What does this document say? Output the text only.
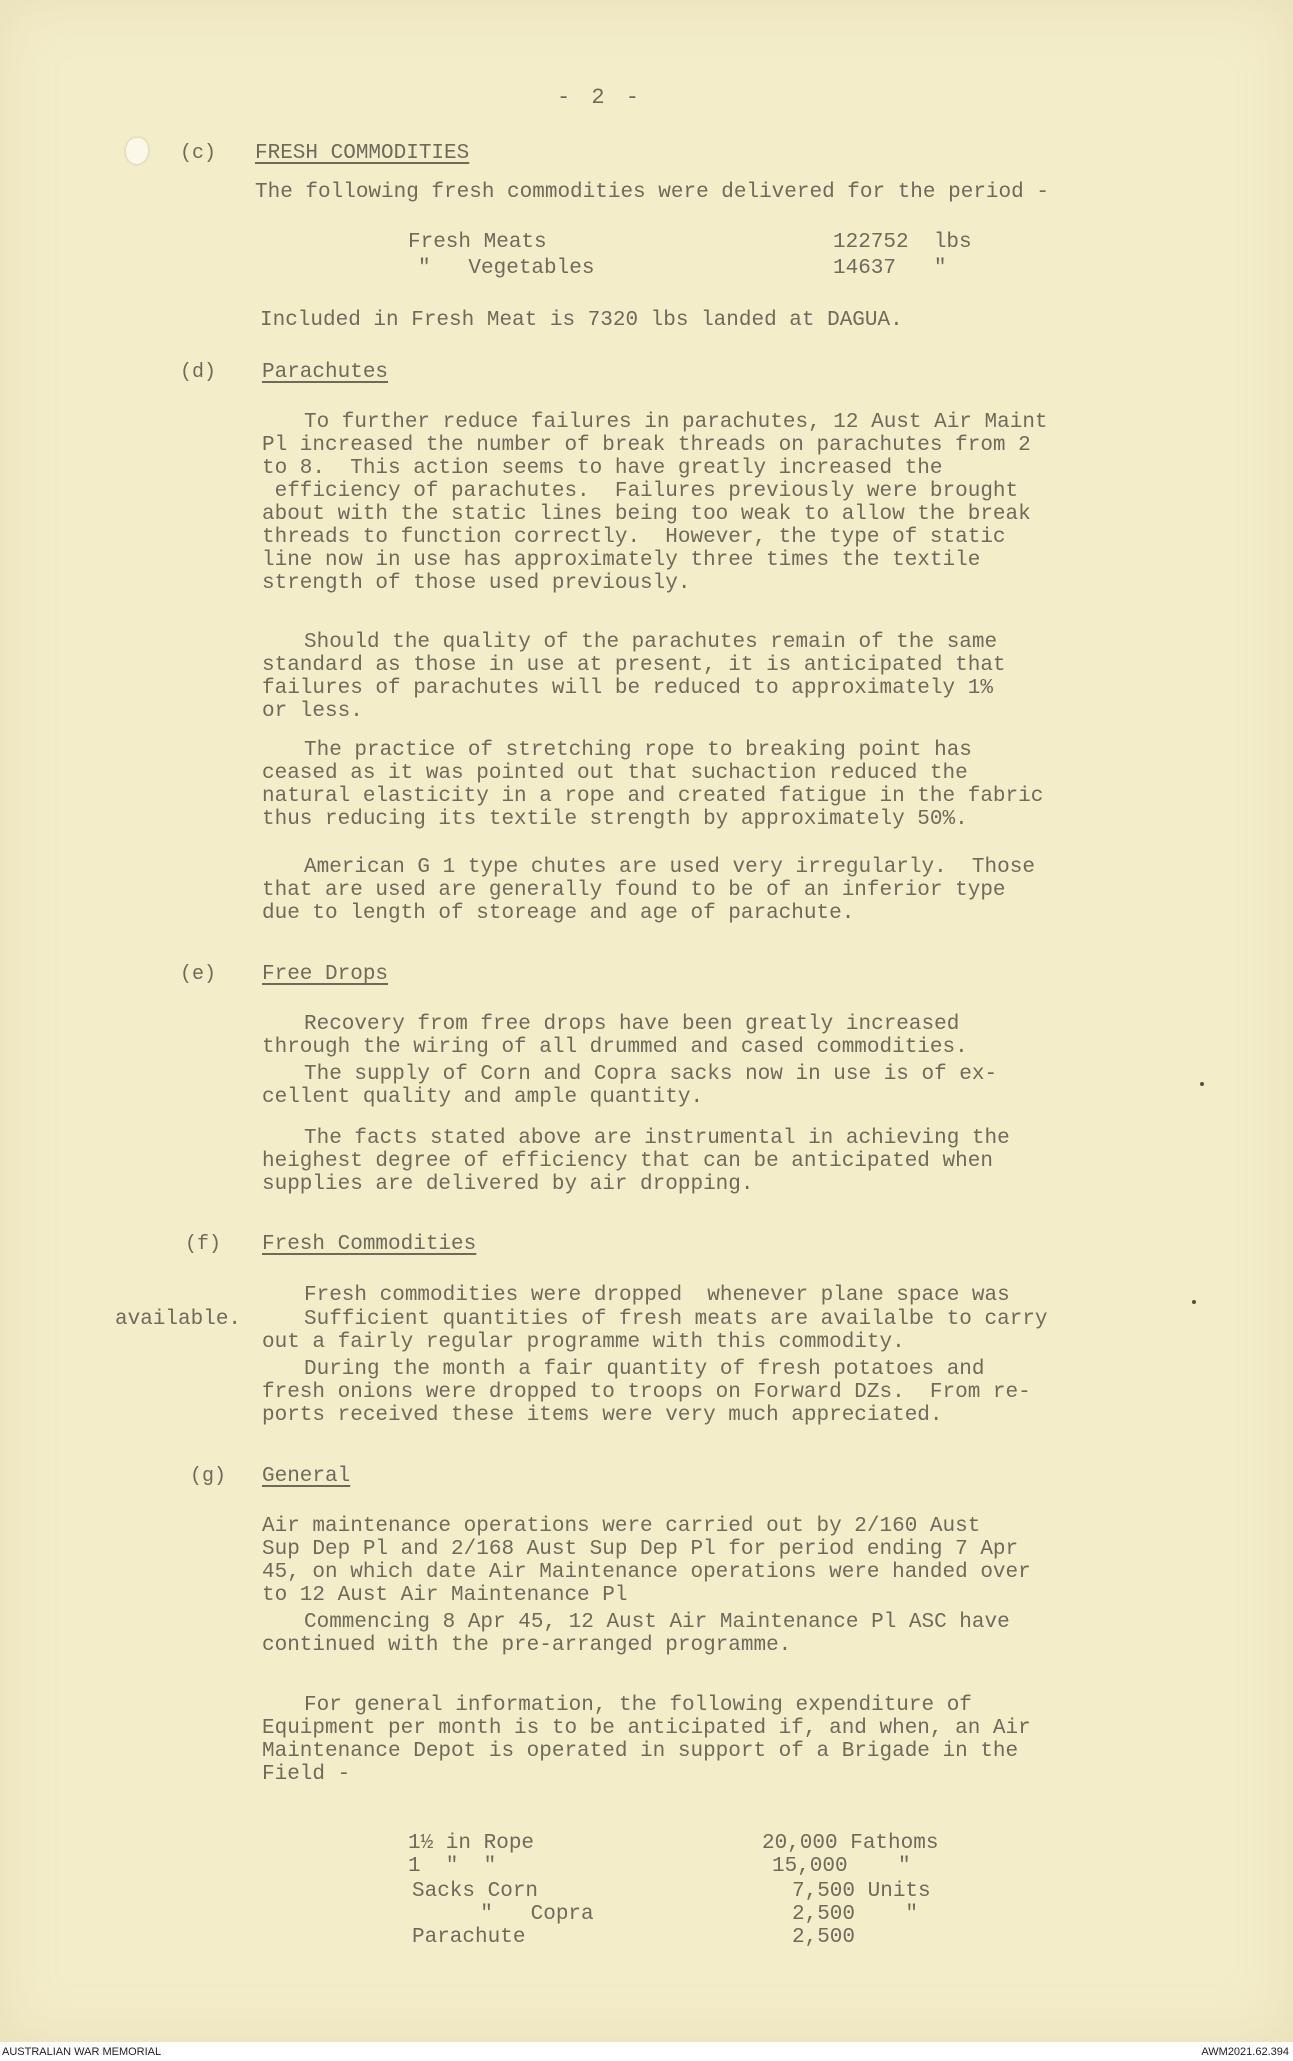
- 2 -
(c) FRESH COMMODITIES
The following fresh commodities were delivered for the period -
Fresh Meats	122752  lbs
"   Vegetables	14637   "
Included in Fresh Meat is 7320 lbs landed at DAGUA.
(d) Parachutes
To further reduce failures in parachutes, 12 Aust Air Maint
Pl increased the number of break threads on parachutes from 2
to 8.  This action seems to have greatly increased the
efficiency of parachutes.  Failures previously were brought
about with the static lines being too weak to allow the break
threads to function correctly.  However, the type of static
line now in use has approximately three times the textile
strength of those used previously.
Should the quality of the parachutes remain of the same
standard as those in use at present, it is anticipated that
failures of parachutes will be reduced to approximately 1%
or less.
The practice of stretching rope to breaking point has
ceased as it was pointed out that suchaction reduced the
natural elasticity in a rope and created fatigue in the fabric
thus reducing its textile strength by approximately 50%.
American G 1 type chutes are used very irregularly.  Those
that are used are generally found to be of an inferior type
due to length of storeage and age of parachute.
(e) Free Drops
Recovery from free drops have been greatly increased
through the wiring of all drummed and cased commodities.
The supply of Corn and Copra sacks now in use is of ex-
cellent quality and ample quantity.
The facts stated above are instrumental in achieving the
heighest degree of efficiency that can be anticipated when
supplies are delivered by air dropping.
(f) Fresh Commodities
Fresh commodities were dropped  whenever plane space was
available.	Sufficient quantities of fresh meats are availalbe to carry
out a fairly regular programme with this commodity.
During the month a fair quantity of fresh potatoes and
fresh onions were dropped to troops on Forward DZs.  From re-
ports received these items were very much appreciated.
(g) General
Air maintenance operations were carried out by 2/160 Aust
Sup Dep Pl and 2/168 Aust Sup Dep Pl for period ending 7 Apr
45, on which date Air Maintenance operations were handed over
to 12 Aust Air Maintenance Pl
Commencing 8 Apr 45, 12 Aust Air Maintenance Pl ASC have
continued with the pre-arranged programme.
For general information, the following expenditure of
Equipment per month is to be anticipated if, and when, an Air
Maintenance Depot is operated in support of a Brigade in the
Field -
1½ in Rope	20,000 Fathoms
1  "  "	15,000    "
Sacks Corn	7,500 Units
"   Copra	2,500    "
Parachute	2,500
AUSTRALIAN WAR MEMORIAL	AWM2021.62.394
